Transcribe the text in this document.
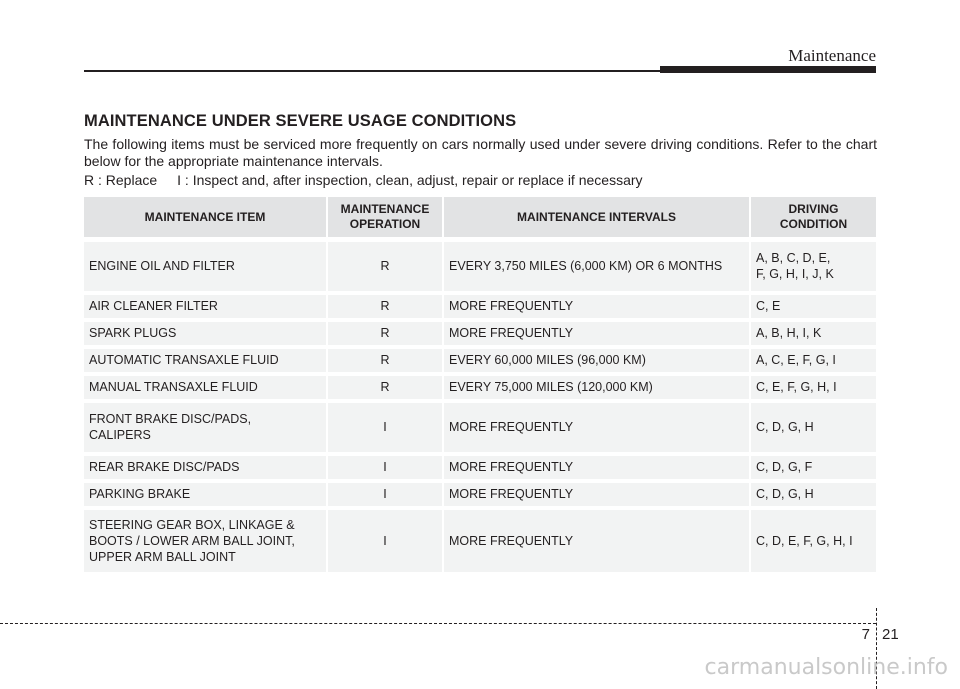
Maintenance
MAINTENANCE UNDER SEVERE USAGE CONDITIONS

The following items must be serviced more frequently on cars normally used under severe driving conditions. Refer to the chart below for the appropriate maintenance intervals.

R : Replace I : Inspect and, after inspection, clean, adjust, repair or replace if necessary

MAINTENANCE ITEM	MAINTENANCE OPERATION	MAINTENANCE INTERVALS	DRIVING CONDITION
ENGINE OIL AND FILTER	R	EVERY 3,750 MILES (6,000 KM) OR 6 MONTHS	A, B, C, D, E,
F, G, H, I, J, K
AIR CLEANER FILTER	R	MORE FREQUENTLY	C, E
SPARK PLUGS	R	MORE FREQUENTLY	A, B, H, I, K
AUTOMATIC TRANSAXLE FLUID	R	EVERY 60,000 MILES (96,000 KM)	A, C, E, F, G, I
MANUAL TRANSAXLE FLUID	R	EVERY 75,000 MILES (120,000 KM)	C, E, F, G, H, I
FRONT BRAKE DISC/PADS,
CALIPERS	I	MORE FREQUENTLY	C, D, G, H
REAR BRAKE DISC/PADS	I	MORE FREQUENTLY	C, D, G, F
PARKING BRAKE	I	MORE FREQUENTLY	C, D, G, H
STEERING GEAR BOX, LINKAGE &
BOOTS / LOWER ARM BALL JOINT,
UPPER ARM BALL JOINT	I	MORE FREQUENTLY	C, D, E, F, G, H, I
7 21
carmanualsonline.info
